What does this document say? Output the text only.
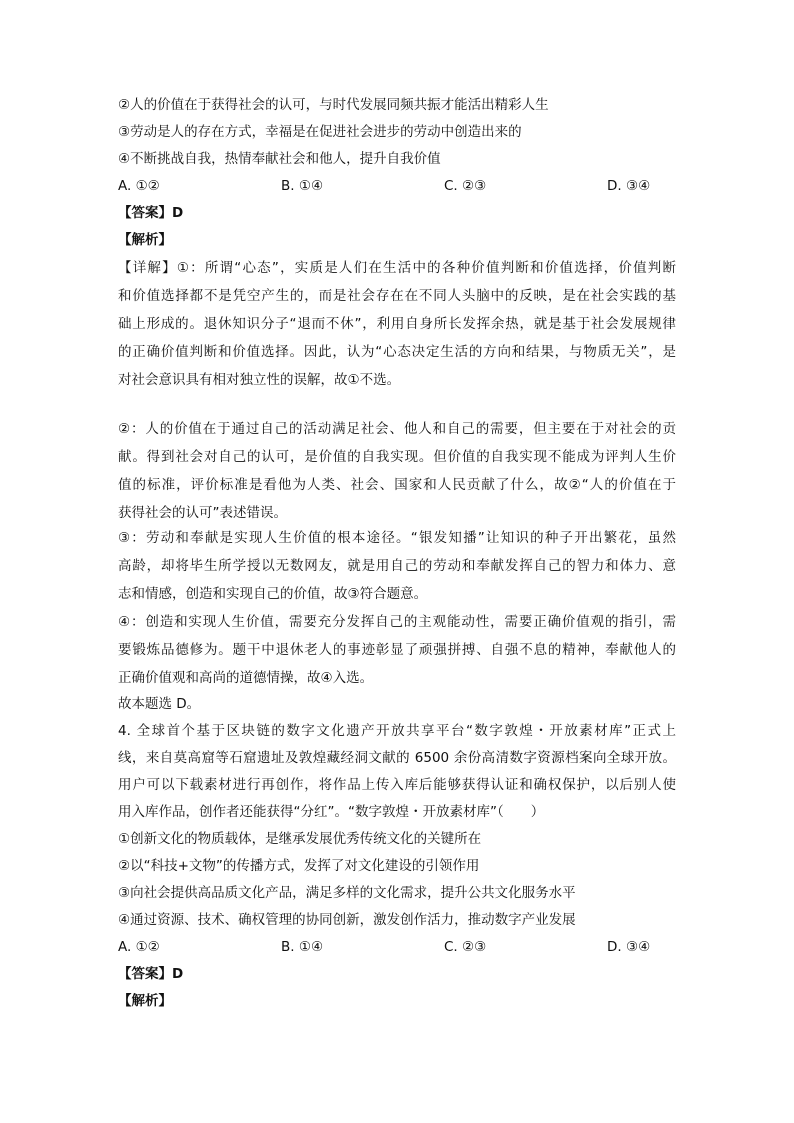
②人的价值在于获得社会的认可，与时代发展同频共振才能活出精彩人生
③劳动是人的存在方式，幸福是在促进社会进步的劳动中创造出来的
④不断挑战自我，热情奉献社会和他人，提升自我价值
A. ①②	B. ①④	C. ②③	D. ③④
【答案】D
【解析】
【详解】①：所谓“心态”，实质是人们在生活中的各种价值判断和价值选择，价值判断
和价值选择都不是凭空产生的，而是社会存在在不同人头脑中的反映，是在社会实践的基
础上形成的。退休知识分子“退而不休”，利用自身所长发挥余热，就是基于社会发展规律
的正确价值判断和价值选择。因此，认为“心态决定生活的方向和结果，与物质无关”，是
对社会意识具有相对独立性的误解，故①不选。
②：人的价值在于通过自己的活动满足社会、他人和自己的需要，但主要在于对社会的贡
献。得到社会对自己的认可，是价值的自我实现。但价值的自我实现不能成为评判人生价
值的标准，评价标准是看他为人类、社会、国家和人民贡献了什么，故②“人的价值在于
获得社会的认可”表述错误。
③：劳动和奉献是实现人生价值的根本途径。“银发知播”让知识的种子开出繁花，虽然
高龄，却将毕生所学授以无数网友，就是用自己的劳动和奉献发挥自己的智力和体力、意
志和情感，创造和实现自己的价值，故③符合题意。
④：创造和实现人生价值，需要充分发挥自己的主观能动性，需要正确价值观的指引，需
要锻炼品德修为。题干中退休老人的事迹彰显了顽强拼搏、自强不息的精神，奉献他人的
正确价值观和高尚的道德情操，故④入选。
故本题选 D。
4. 全球首个基于区块链的数字文化遗产开放共享平台“数字敦煌・开放素材库”正式上
线，来自莫高窟等石窟遗址及敦煌藏经洞文献的 6500 余份高清数字资源档案向全球开放。
用户可以下载素材进行再创作，将作品上传入库后能够获得认证和确权保护，以后别人使
用入库作品，创作者还能获得“分红”。“数字敦煌・开放素材库”（　　）
①创新文化的物质载体，是继承发展优秀传统文化的关键所在
②以“科技+文物”的传播方式，发挥了对文化建设的引领作用
③向社会提供高品质文化产品，满足多样的文化需求，提升公共文化服务水平
④通过资源、技术、确权管理的协同创新，激发创作活力，推动数字产业发展
A. ①②	B. ①④	C. ②③	D. ③④
【答案】D
【解析】
